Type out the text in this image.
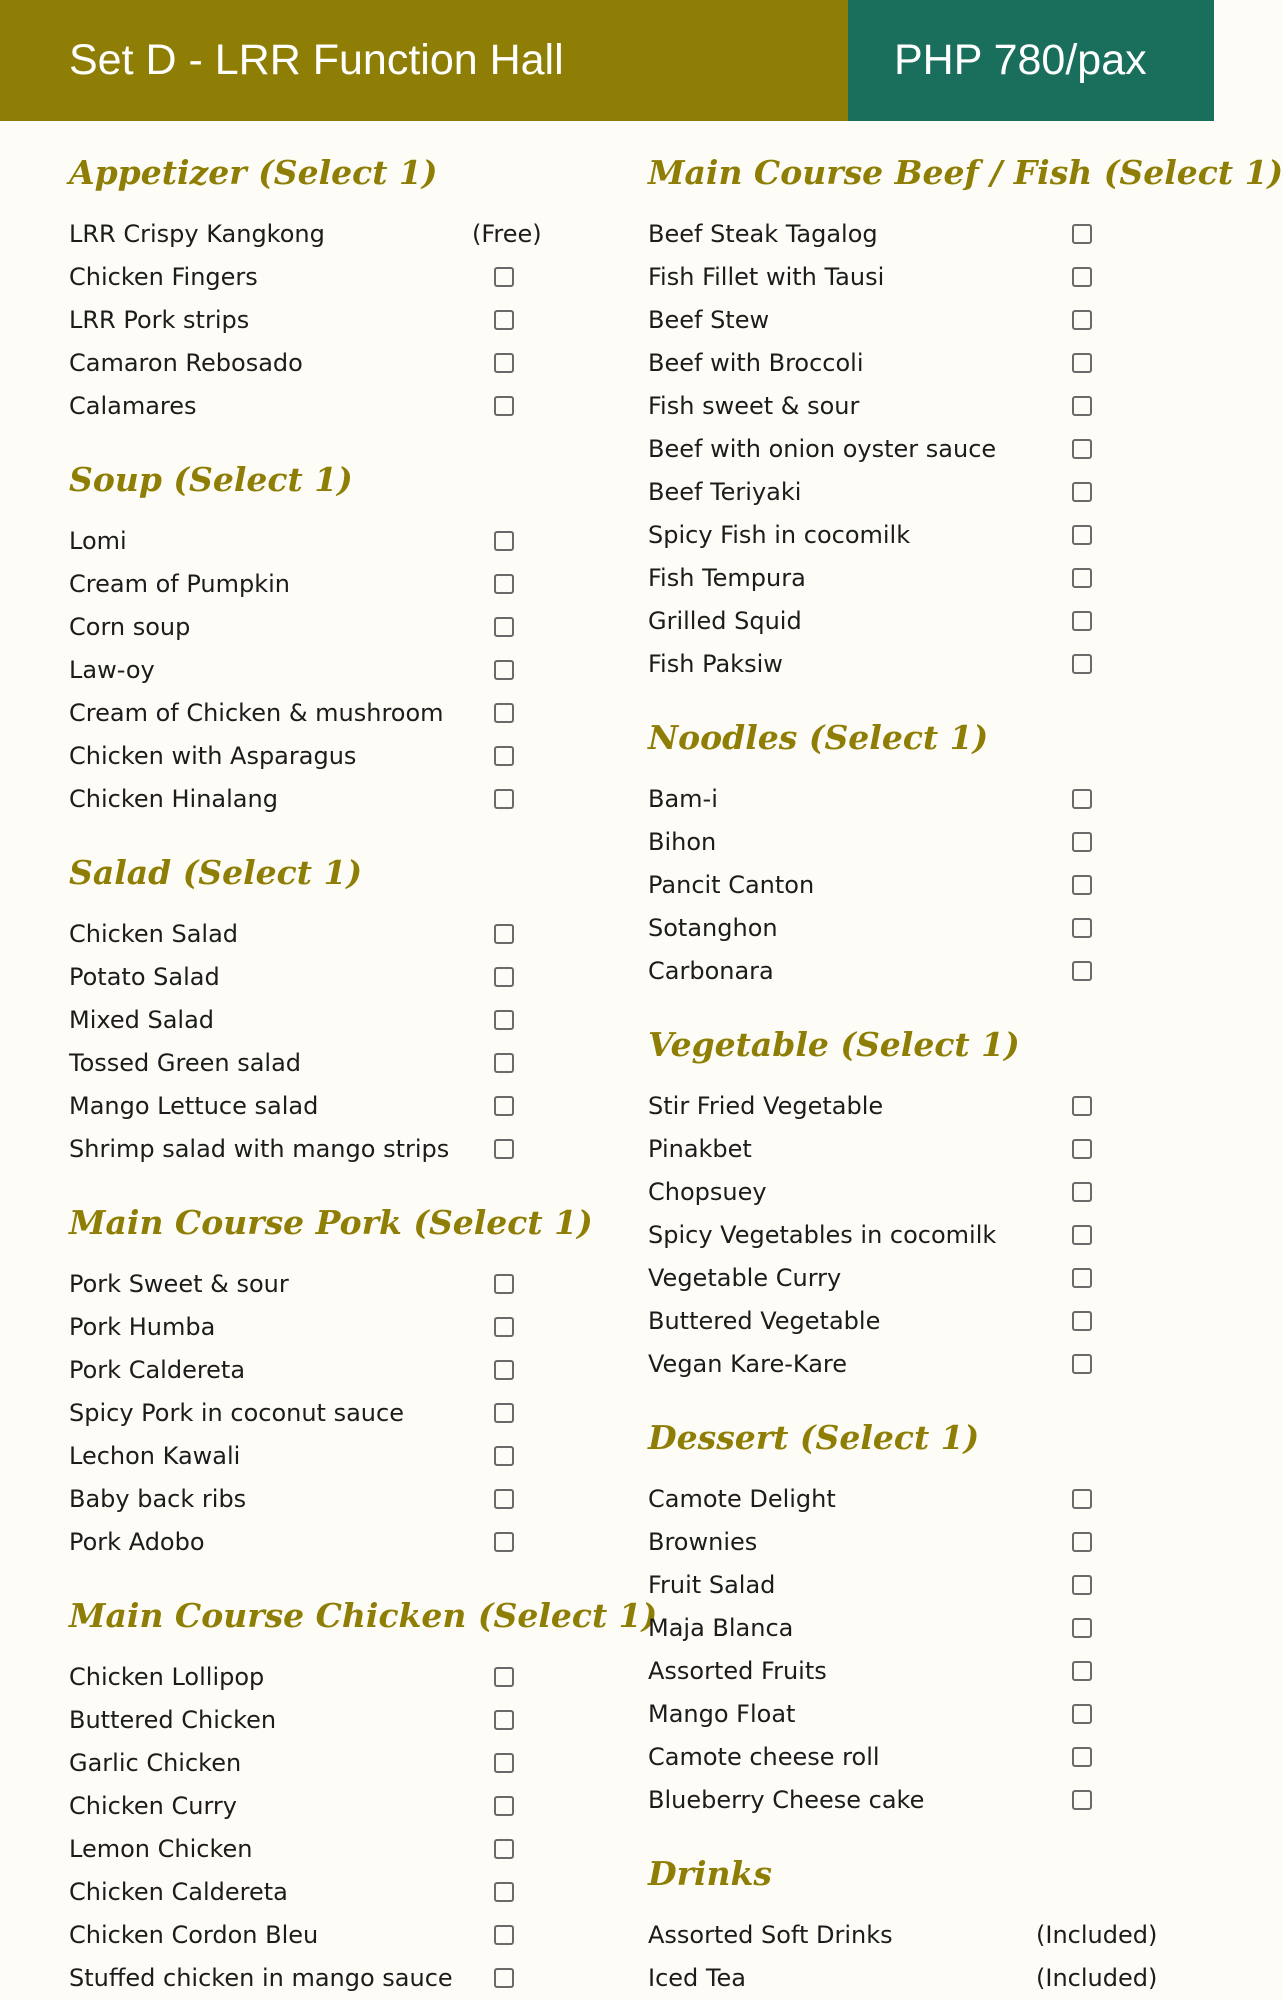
Set D - LRR Function Hall	PHP 780/pax
Appetizer (Select 1)
LRR Crispy Kangkong	(Free)
Chicken Fingers
LRR Pork strips
Camaron Rebosado
Calamares
Soup (Select 1)
Lomi
Cream of Pumpkin
Corn soup
Law-oy
Cream of Chicken & mushroom
Chicken with Asparagus
Chicken Hinalang
Salad (Select 1)
Chicken Salad
Potato Salad
Mixed Salad
Tossed Green salad
Mango Lettuce salad
Shrimp salad with mango strips
Main Course Pork (Select 1)
Pork Sweet & sour
Pork Humba
Pork Caldereta
Spicy Pork in coconut sauce
Lechon Kawali
Baby back ribs
Pork Adobo
Main Course Chicken (Select 1)
Chicken Lollipop
Buttered Chicken
Garlic Chicken
Chicken Curry
Lemon Chicken
Chicken Caldereta
Chicken Cordon Bleu
Stuffed chicken in mango sauce
Main Course Beef / Fish (Select 1)
Beef Steak Tagalog
Fish Fillet with Tausi
Beef Stew
Beef with Broccoli
Fish sweet & sour
Beef with onion oyster sauce
Beef Teriyaki
Spicy Fish in cocomilk
Fish Tempura
Grilled Squid
Fish Paksiw
Noodles (Select 1)
Bam-i
Bihon
Pancit Canton
Sotanghon
Carbonara
Vegetable (Select 1)
Stir Fried Vegetable
Pinakbet
Chopsuey
Spicy Vegetables in cocomilk
Vegetable Curry
Buttered Vegetable
Vegan Kare-Kare
Dessert (Select 1)
Camote Delight
Brownies
Fruit Salad
Maja Blanca
Assorted Fruits
Mango Float
Camote cheese roll
Blueberry Cheese cake
Drinks
Assorted Soft Drinks	(Included)
Iced Tea	(Included)
